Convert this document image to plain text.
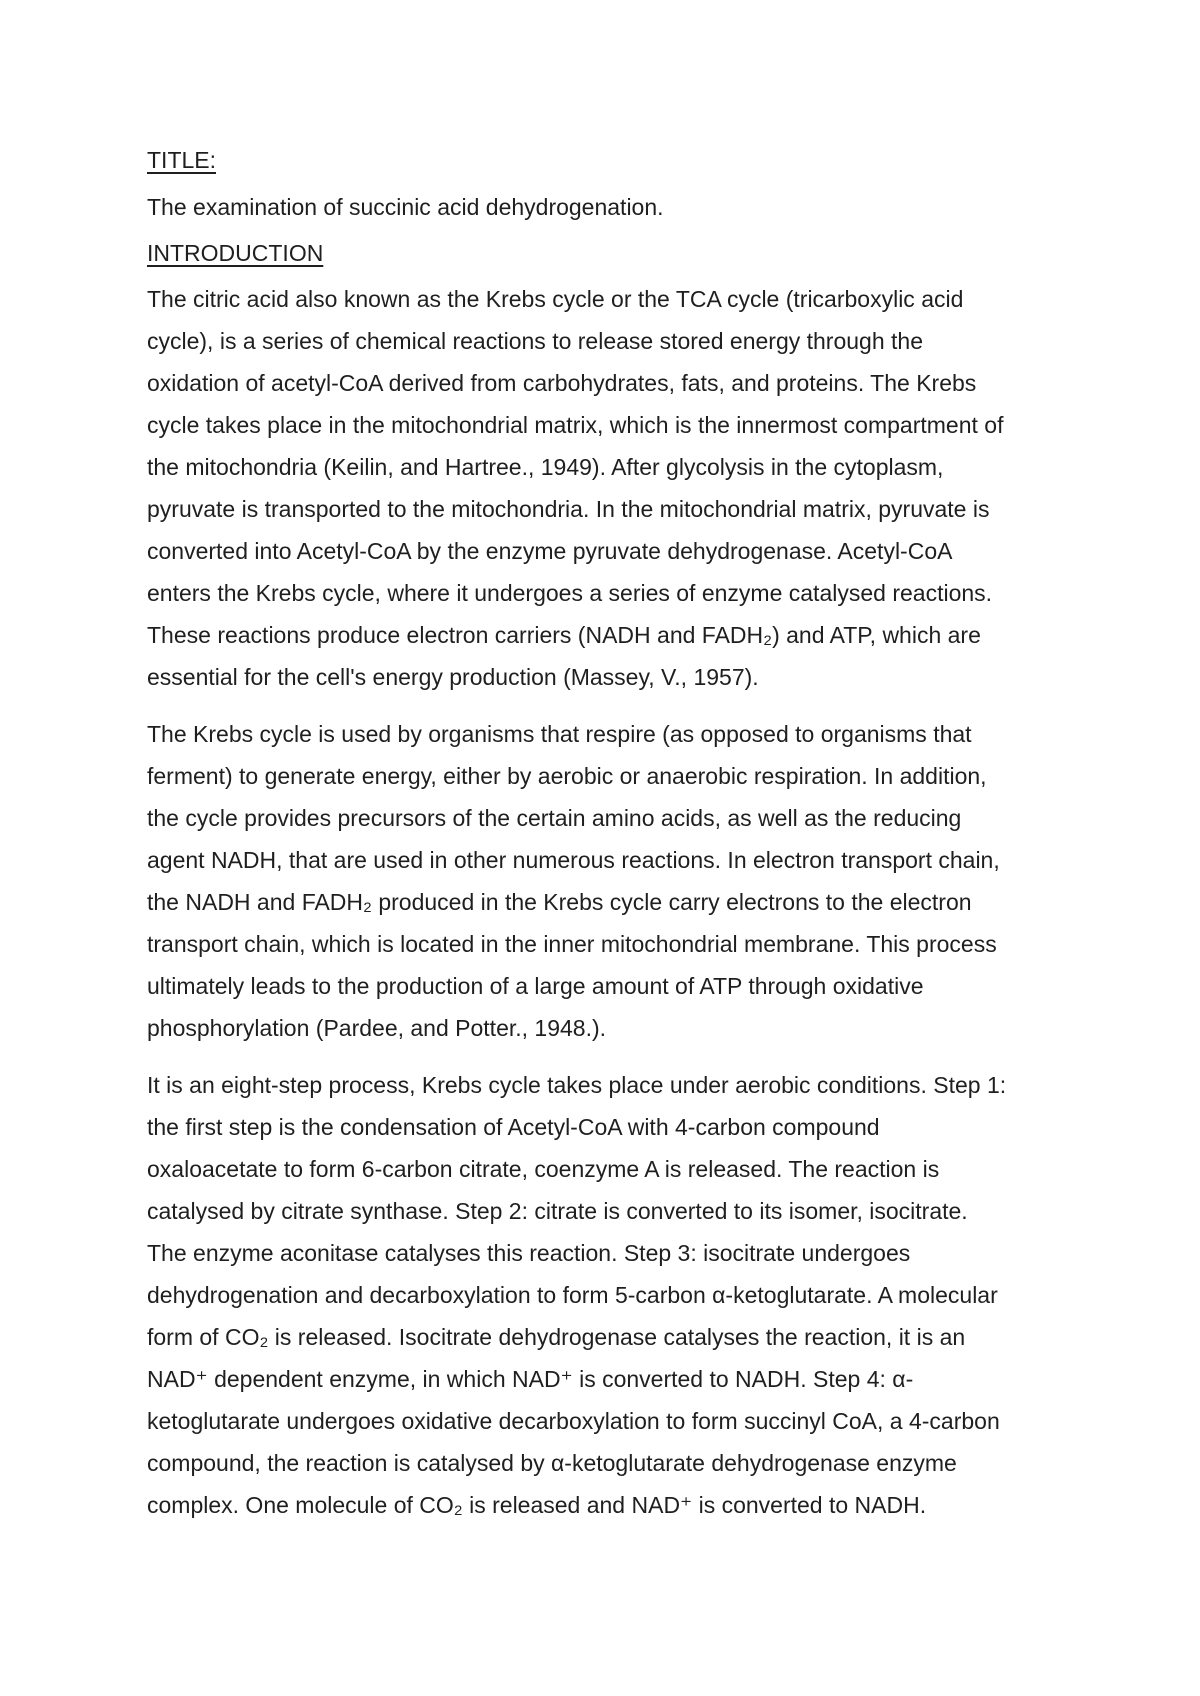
TITLE:
The examination of succinic acid dehydrogenation.
INTRODUCTION

The citric acid also known as the Krebs cycle or the TCA cycle (tricarboxylic acid
cycle), is a series of chemical reactions to release stored energy through the
oxidation of acetyl-CoA derived from carbohydrates, fats, and proteins. The Krebs
cycle takes place in the mitochondrial matrix, which is the innermost compartment of
the mitochondria (Keilin, and Hartree., 1949). After glycolysis in the cytoplasm,
pyruvate is transported to the mitochondria. In the mitochondrial matrix, pyruvate is
converted into Acetyl-CoA by the enzyme pyruvate dehydrogenase. Acetyl-CoA
enters the Krebs cycle, where it undergoes a series of enzyme catalysed reactions.
These reactions produce electron carriers (NADH and FADH₂) and ATP, which are
essential for the cell's energy production (Massey, V., 1957).

The Krebs cycle is used by organisms that respire (as opposed to organisms that
ferment) to generate energy, either by aerobic or anaerobic respiration. In addition,
the cycle provides precursors of the certain amino acids, as well as the reducing
agent NADH, that are used in other numerous reactions. In electron transport chain,
the NADH and FADH₂ produced in the Krebs cycle carry electrons to the electron
transport chain, which is located in the inner mitochondrial membrane. This process
ultimately leads to the production of a large amount of ATP through oxidative
phosphorylation (Pardee, and Potter., 1948.).

It is an eight-step process, Krebs cycle takes place under aerobic conditions. Step 1:
the first step is the condensation of Acetyl-CoA with 4-carbon compound
oxaloacetate to form 6-carbon citrate, coenzyme A is released. The reaction is
catalysed by citrate synthase. Step 2: citrate is converted to its isomer, isocitrate.
The enzyme aconitase catalyses this reaction. Step 3: isocitrate undergoes
dehydrogenation and decarboxylation to form 5-carbon α-ketoglutarate. A molecular
form of CO₂ is released. Isocitrate dehydrogenase catalyses the reaction, it is an
NAD⁺ dependent enzyme, in which NAD⁺ is converted to NADH. Step 4: α-
ketoglutarate undergoes oxidative decarboxylation to form succinyl CoA, a 4-carbon
compound, the reaction is catalysed by α-ketoglutarate dehydrogenase enzyme
complex. One molecule of CO₂ is released and NAD⁺ is converted to NADH.
